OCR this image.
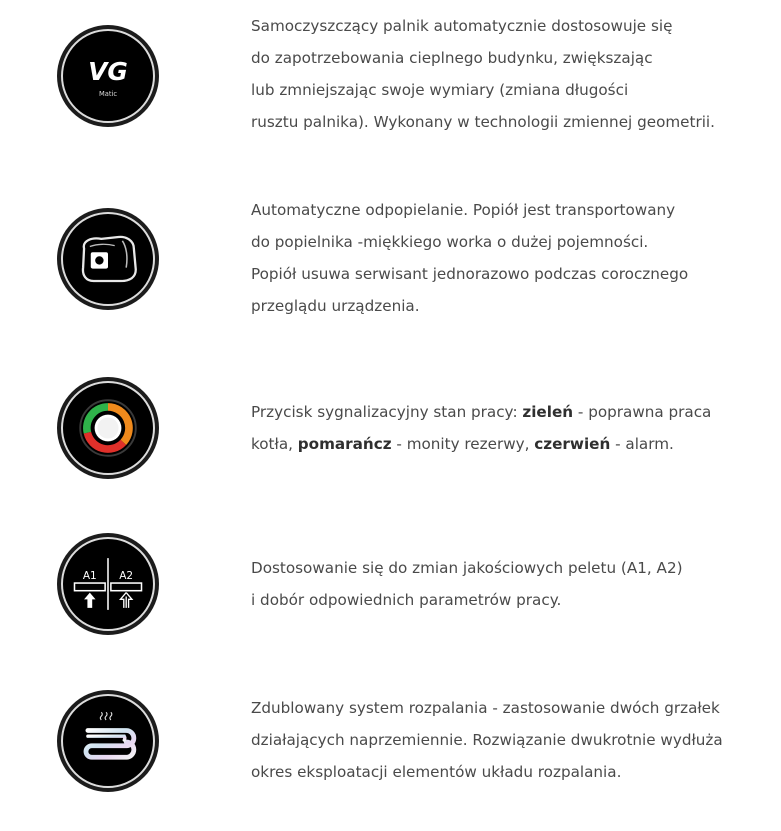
VG
Matic

Samoczyszczący palnik automatycznie dostosowuje się

do zapotrzebowania cieplnego budynku, zwiększając

lub zmniejszając swoje wymiary (zmiana długości

rusztu palnika). Wykonany w technologii zmiennej geometrii.

Automatyczne odpopielanie. Popiół jest transportowany

do popielnika -miękkiego worka o dużej pojemności.

Popiół usuwa serwisant jednorazowo podczas corocznego

przeglądu urządzenia.

Przycisk sygnalizacyjny stan pracy: zieleń - poprawna praca

kotła, pomarańcz - monity rezerwy, czerwień - alarm.

A1 A2	Dostosowanie się do zmian jakościowych peletu (A1, A2)

i dobór odpowiednich parametrów pracy.

Zdublowany system rozpalania - zastosowanie dwóch grzałek

działających naprzemiennie. Rozwiązanie dwukrotnie wydłuża

okres eksploatacji elementów układu rozpalania.
